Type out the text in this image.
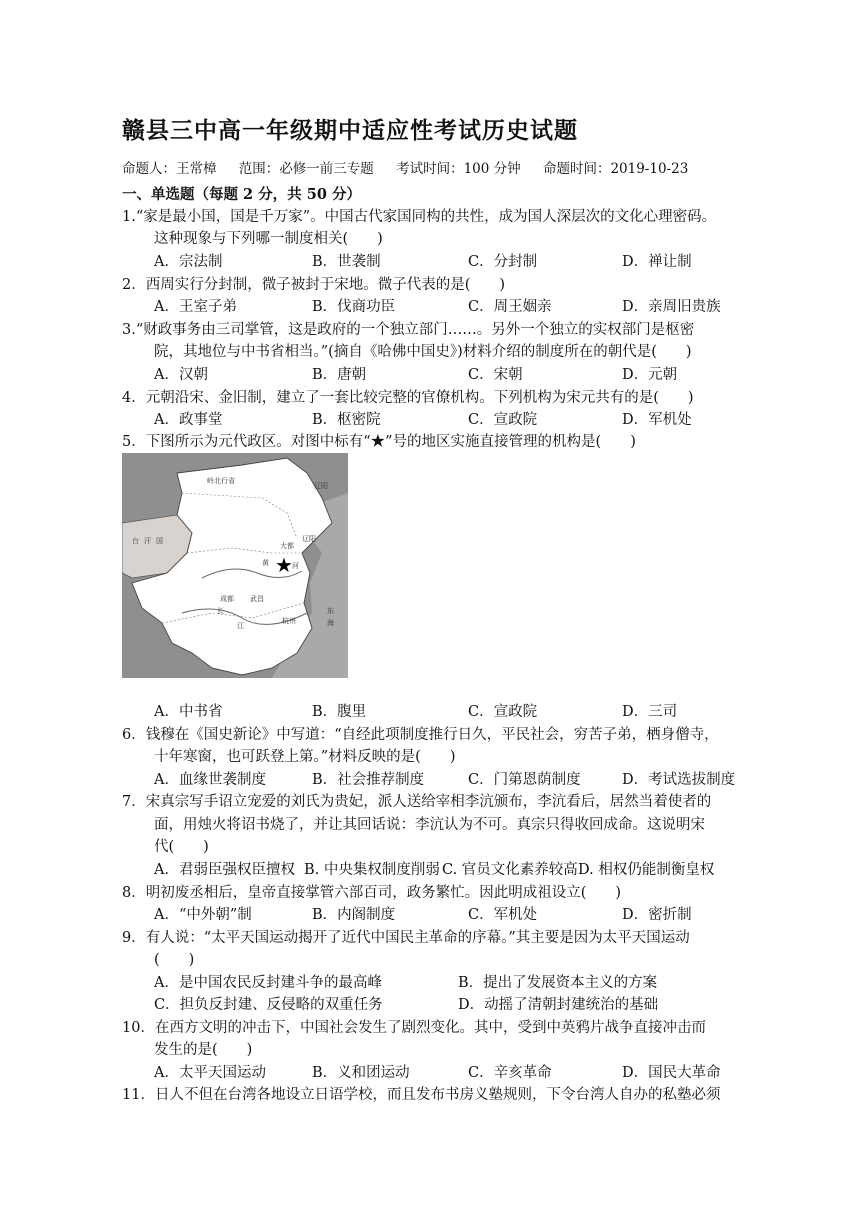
赣县三中高一年级期中适应性考试历史试题
命题人：王常樟 范围：必修一前三专题 考试时间：100 分钟 命题时间：2019-10-23
一、单选题（每题 2 分，共 50 分）
1.“家是最小国，国是千万家”。中国古代家国同构的共性，成为国人深层次的文化心理密码。
这种现象与下列哪一制度相关(　　)
A．宗法制	B．世袭制	C．分封制	D．禅让制
2．西周实行分封制，微子被封于宋地。微子代表的是(　　)
A．王室子弟	B．伐商功臣	C．周王姻亲	D．亲周旧贵族
3.“财政事务由三司掌管，这是政府的一个独立部门……。另外一个独立的实权部门是枢密
院，其地位与中书省相当。”(摘自《哈佛中国史》)材料介绍的制度所在的朝代是(　　)
A．汉朝	B．唐朝	C．宋朝	D．元朝
4．元朝沿宋、金旧制，建立了一套比较完整的官僚机构。下列机构为宋元共有的是(　　)
A．政事堂	B．枢密院	C．宣政院	D．军机处
5．下图所示为元代政区。对图中标有“★”号的地区实施直接管理的机构是(　　)
岭北行省
辽阳
大都
辽阳
黄	河
长
江
台 汗 国
东
海
成都 武昌
杭州
★
A．中书省	B．腹里	C．宣政院	D．三司
6．钱穆在《国史新论》中写道：“自经此项制度推行日久，平民社会，穷苦子弟，栖身僧寺，
十年寒窗，也可跃登上第。”材料反映的是(　　)
A．血缘世袭制度	B．社会推荐制度	C．门第恩荫制度	D．考试选拔制度
7．宋真宗写手诏立宠爱的刘氏为贵妃，派人送给宰相李沆颁布，李沆看后，居然当着使者的
面，用烛火将诏书烧了，并让其回话说：李沆认为不可。真宗只得收回成命。这说明宋
代(　　)
A．君弱臣强权臣擅权 B. 中央集权制度削弱 C. 官员文化素养较高 D. 相权仍能制衡皇权
8．明初废丞相后，皇帝直接掌管六部百司，政务繁忙。因此明成祖设立(　　)
A．“中外朝”制	B．内阁制度	C．军机处	D．密折制
9．有人说：“太平天国运动揭开了近代中国民主革命的序幕。”其主要是因为太平天国运动
(　　)
A．是中国农民反封建斗争的最高峰	B．提出了发展资本主义的方案
C．担负反封建、反侵略的双重任务	D．动摇了清朝封建统治的基础
10．在西方文明的冲击下，中国社会发生了剧烈变化。其中，受到中英鸦片战争直接冲击而
发生的是(　　)
A．太平天国运动	B．义和团运动	C．辛亥革命	D．国民大革命
11．日人不但在台湾各地设立日语学校，而且发布书房义塾规则，下令台湾人自办的私塾必须
